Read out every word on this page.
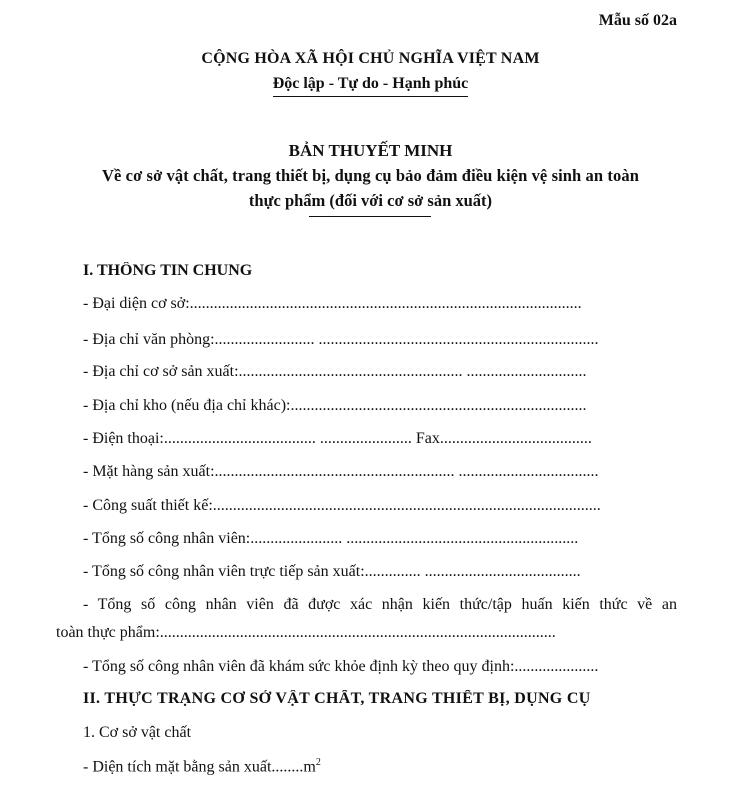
Mẫu số 02a
CỘNG HÒA XÃ HỘI CHỦ NGHĨA VIỆT NAM
Độc lập - Tự do - Hạnh phúc
BẢN THUYẾT MINH
Về cơ sở vật chất, trang thiết bị, dụng cụ bảo đảm điều kiện vệ sinh an toàn
thực phẩm (đối với cơ sở sản xuất)
I. THÔNG TIN CHUNG
- Đại diện cơ sở:..................................................................................................
- Địa chỉ văn phòng:......................... ......................................................................
- Địa chỉ cơ sở sản xuất:........................................................ ..............................
- Địa chỉ kho (nếu địa chỉ khác):..........................................................................
- Điện thoại:...................................... ....................... Fax......................................
- Mặt hàng sản xuất:............................................................ ...................................
- Công suất thiết kế:.................................................................................................
- Tổng số công nhân viên:....................... ..........................................................
- Tổng số công nhân viên trực tiếp sản xuất:.............. .......................................
- Tổng số công nhân viên đã được xác nhận kiến thức/tập huấn kiến thức về an
toàn thực phẩm:...................................................................................................
- Tổng số công nhân viên đã khám sức khỏe định kỳ theo quy định:.....................
II. THỰC TRẠNG CƠ SỞ VẬT CHẤT, TRANG THIẾT BỊ, DỤNG CỤ
1. Cơ sở vật chất
- Diện tích mặt bằng sản $xuất........m^2$
